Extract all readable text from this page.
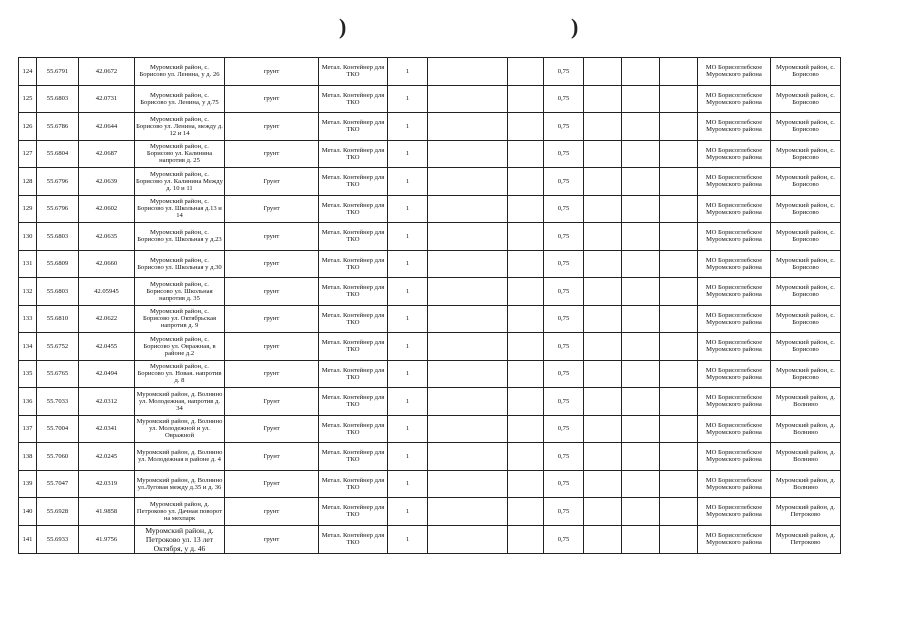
)	)
124	55.6791	42.0672	Муромский район, с. Борисово ул. Ленина, у д. 26	грунт	Метал. Контейнер для ТКО	1			0,75				МО Борисоглебское Муромского района	Муромский район, с. Борисово
125	55.6803	42.0731	Муромский район, с. Борисово ул. Ленина, у д.75	грунт	Метал. Контейнер для ТКО	1			0,75				МО Борисоглебское Муромского района	Муромский район, с. Борисово
126	55.6786	42.0644	Муромский район, с. Борисово ул. Ленина, между д. 12 и 14	грунт	Метал. Контейнер для ТКО	1			0,75				МО Борисоглебское Муромского района	Муромский район, с. Борисово
127	55.6804	42.0687	Муромский район, с. Борисово ул. Калинина напротив д. 25	грунт	Метал. Контейнер для ТКО	1			0,75				МО Борисоглебское Муромского района	Муромский район, с. Борисово
128	55.6796	42.0639	Муромский район, с. Борисово ул. Калинина Между д. 10 и 11	Грунт	Метал. Контейнер для ТКО	1			0,75				МО Борисоглебское Муромского района	Муромский район, с. Борисово
129	55.6796	42.0602	Муромский район, с. Борисово ул. Школьная д.13 и 14	Грунт	Метал. Контейнер для ТКО	1			0,75				МО Борисоглебское Муромского района	Муромский район, с. Борисово
130	55.6803	42.0635	Муромский район, с. Борисово ул. Школьная у д.23	грунт	Метал. Контейнер для ТКО	1			0,75				МО Борисоглебское Муромского района	Муромский район, с. Борисово
131	55.6809	42.0660	Муромский район, с. Борисово ул. Школьная у д.30	грунт	Метал. Контейнер для ТКО	1			0,75				МО Борисоглебское Муромского района	Муромский район, с. Борисово
132	55.6803	42.05945	Муромский район, с. Борисово ул. Школьная напротив д. 35	грунт	Метал. Контейнер для ТКО	1			0,75				МО Борисоглебское Муромского района	Муромский район, с. Борисово
133	55.6810	42.0622	Муромский район, с. Борисово ул. Октябрьская напротив д. 9	грунт	Метал. Контейнер для ТКО	1			0,75				МО Борисоглебское Муромского района	Муромский район, с. Борисово
134	55.6752	42.0455	Муромский район, с. Борисово ул. Овражная, в районе д.2	грунт	Метал. Контейнер для ТКО	1			0,75				МО Борисоглебское Муромского района	Муромский район, с. Борисово
135	55.6765	42.0494	Муромский район, с. Борисово ул. Новая. напротив д. 8	грунт	Метал. Контейнер для ТКО	1			0,75				МО Борисоглебское Муромского района	Муромский район, с. Борисово
136	55.7033	42.0312	Муромский район, д. Волнино ул. Молодежная, напротив д. 34	Грунт	Метал. Контейнер для ТКО	1			0,75				МО Борисоглебское Муромского района	Муромский район, д. Волнино
137	55.7004	42.0341	Муромский район, д. Волнино ул. Молодежной и ул. Овражной	Грунт	Метал. Контейнер для ТКО	1			0,75				МО Борисоглебское Муромского района	Муромский район, д. Волнино
138	55.7060	42.0245	Муромский район, д. Волнино ул. Молодежная в районе д. 4	Грунт	Метал. Контейнер для ТКО	1			0,75				МО Борисоглебское Муромского района	Муромский район, д. Волнино
139	55.7047	42.0319	Муромский район, д. Волнино ул.Луговая между д.35 и д. 36	Грунт	Метал. Контейнер для ТКО	1			0,75				МО Борисоглебское Муромского района	Муромский район, д. Волнино
140	55.6928	41.9858	Муромский район, д. Петроково ул. Дачная поворот на мехпарк	грунт	Метал. Контейнер для ТКО	1			0,75				МО Борисоглебское Муромского района	Муромский район, д. Петроково
141	55.6933	41.9756	Муромский район, д. Петроково ул. 13 лет Октября, у д. 46	грунт	Метал. Контейнер для ТКО	1			0,75				МО Борисоглебское Муромского района	Муромский район, д. Петроково
